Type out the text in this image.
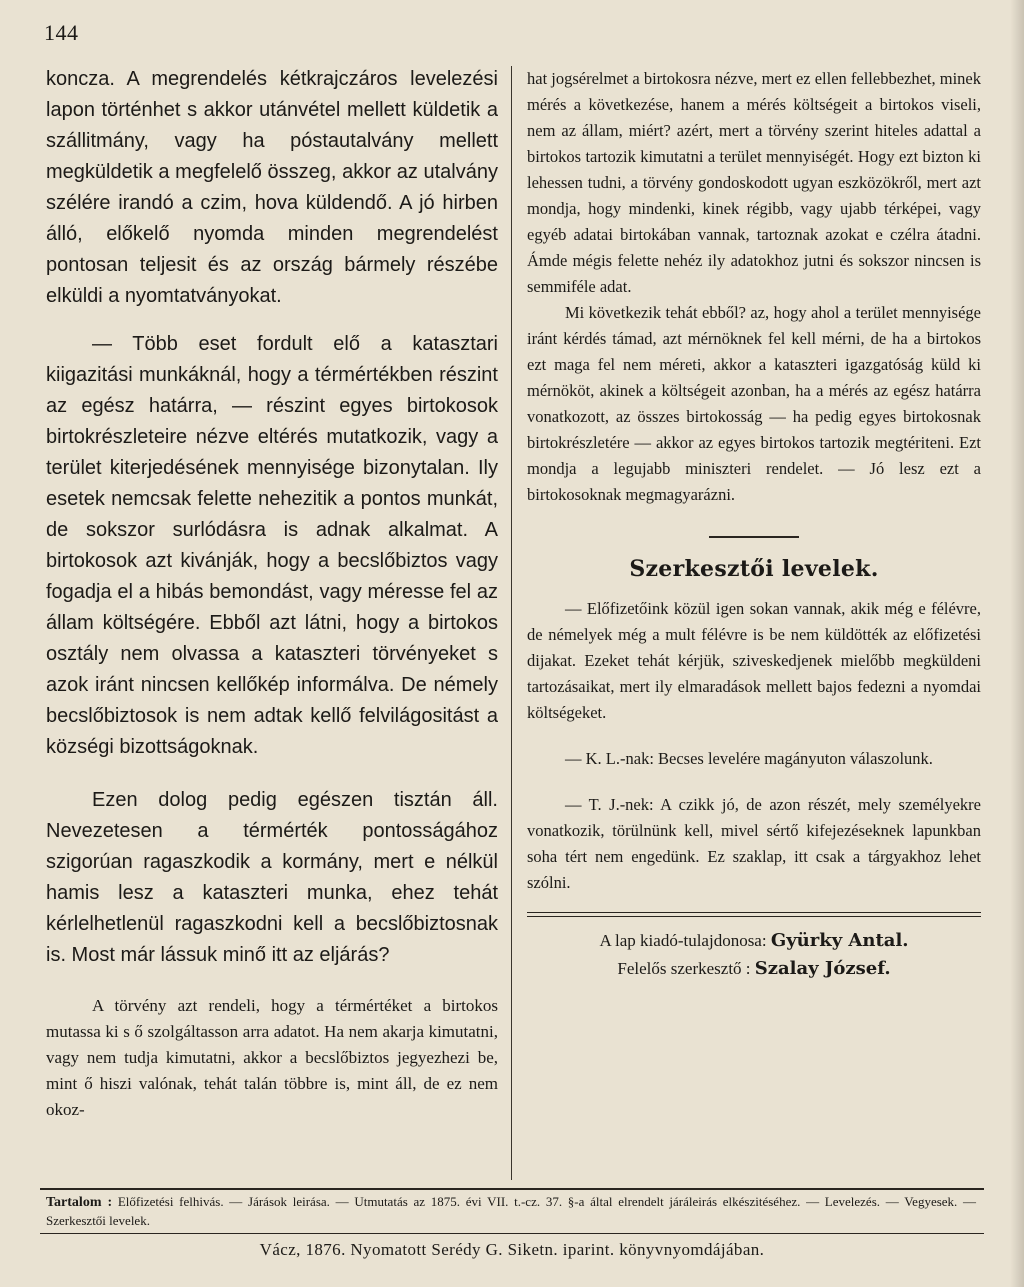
144

koncza. A megrendelés kétkrajczáros levelezési lapon történhet s akkor utánvétel mellett küldetik a szállitmány, vagy ha póstautalvány mellett megküldetik a megfelelő összeg, akkor az utalvány szélére irandó a czim, hova küldendő. A jó hirben álló, előkelő nyomda minden megrendelést pontosan teljesit és az ország bármely részébe elküldi a nyomtatványokat.

— Több eset fordult elő a katasztari kiigazitási munkáknál, hogy a térmértékben részint az egész határra, — részint egyes birtokosok birtokrészleteire nézve eltérés mutatkozik, vagy a terület kiterjedésének mennyisége bizonytalan. Ily esetek nemcsak felette nehezitik a pontos munkát, de sokszor surlódásra is adnak alkalmat. A birtokosok azt kivánják, hogy a becslőbiztos vagy fogadja el a hibás bemondást, vagy méresse fel az állam költségére. Ebből azt látni, hogy a birtokos osztály nem olvassa a kataszteri törvényeket s azok iránt nincsen kellőkép informálva. De némely becslőbiztosok is nem adtak kellő felvilágositást a községi bizottságoknak.

Ezen dolog pedig egészen tisztán áll. Nevezetesen a térmérték pontosságához szigorúan ragaszkodik a kormány, mert e nélkül hamis lesz a kataszteri munka, ehez tehát kérlelhetlenül ragaszkodni kell a becslőbiztosnak is. Most már lássuk minő itt az eljárás?

A törvény azt rendeli, hogy a térmértéket a birtokos mutassa ki s ő szolgáltasson arra adatot. Ha nem akarja kimutatni, vagy nem tudja kimutatni, akkor a becslőbiztos jegyezhezi be, mint ő hiszi valónak, tehát talán többre is, mint áll, de ez nem okoz-

hat jogsérelmet a birtokosra nézve, mert ez ellen fellebbezhet, minek mérés a következése, hanem a mérés költségeit a birtokos viseli, nem az állam, miért? azért, mert a törvény szerint hiteles adattal a birtokos tartozik kimutatni a terület mennyiségét. Hogy ezt bizton ki lehessen tudni, a törvény gondoskodott ugyan eszközökről, mert azt mondja, hogy mindenki, kinek régibb, vagy ujabb térképei, vagy egyéb adatai birtokában vannak, tartoznak azokat e czélra átadni. Ámde mégis felette nehéz ily adatokhoz jutni és sokszor nincsen is semmiféle adat.

Mi következik tehát ebből? az, hogy ahol a terület mennyisége iránt kérdés támad, azt mérnöknek fel kell mérni, de ha a birtokos ezt maga fel nem méreti, akkor a kataszteri igazgatóság küld ki mérnököt, akinek a költségeit azonban, ha a mérés az egész határra vonatkozott, az összes birtokosság — ha pedig egyes birtokosnak birtokrészletére — akkor az egyes birtokos tartozik megtériteni. Ezt mondja a legujabb miniszteri rendelet. — Jó lesz ezt a birtokosoknak megmagyarázni.

Szerkesztői levelek.

— Előfizetőink közül igen sokan vannak, akik még e félévre, de némelyek még a mult félévre is be nem küldötték az előfizetési dijakat. Ezeket tehát kérjük, sziveskedjenek mielőbb megküldeni tartozásaikat, mert ily elmaradások mellett bajos fedezni a nyomdai költségeket.

— K. L.-nak: Becses levelére magányuton válaszolunk.

— T. J.-nek: A czikk jó, de azon részét, mely személyekre vonatkozik, törülnünk kell, mivel sértő kifejezéseknek lapunkban soha tért nem engedünk. Ez szaklap, itt csak a tárgyakhoz lehet szólni.

A lap kiadó-tulajdonosa: Gyürky Antal.
Felelős szerkesztő : Szalay József.
Tartalom : Előfizetési felhivás. — Járások leirása. — Utmutatás az 1875. évi VII. t.-cz. 37. §-a által elrendelt járáleirás elkészitéséhez. — Levelezés. — Vegyesek. — Szerkesztői levelek.
Vácz, 1876. Nyomatott Serédy G. Siketn. iparint. könyvnyomdájában.
